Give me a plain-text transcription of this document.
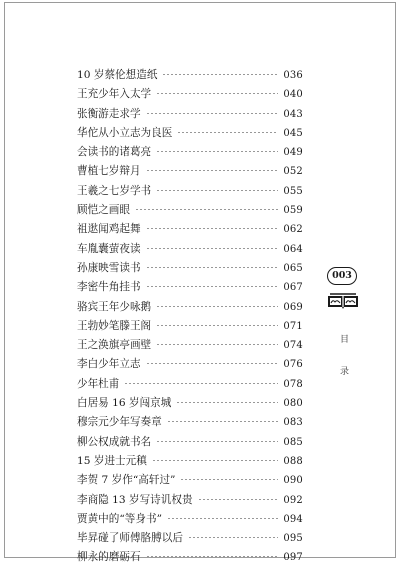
10 岁蔡伦想造纸	036
王充少年入太学	040
张衡游走求学	043
华佗从小立志为良医	045
会读书的诸葛亮	049
曹植七岁辩月	052
王羲之七岁学书	055
顾恺之画眼	059
祖逖闻鸡起舞	062
车胤囊萤夜读	064
孙康映雪读书	065
李密牛角挂书	067
骆宾王年少咏鹅	069
王勃妙笔滕王阁	071
王之涣旗亭画壁	074
李白少年立志	076
少年杜甫	078
白居易 16 岁闯京城	080
穆宗元少年写奏章	083
柳公权成就书名	085
15 岁进士元稹	088
李贺 7 岁作“高轩过”	090
李商隐 13 岁写诗讥权贵	092
贾黄中的“等身书”	094
毕昇碰了师傅胳膊以后	095
柳永的磨砺石	097
003
目 录
